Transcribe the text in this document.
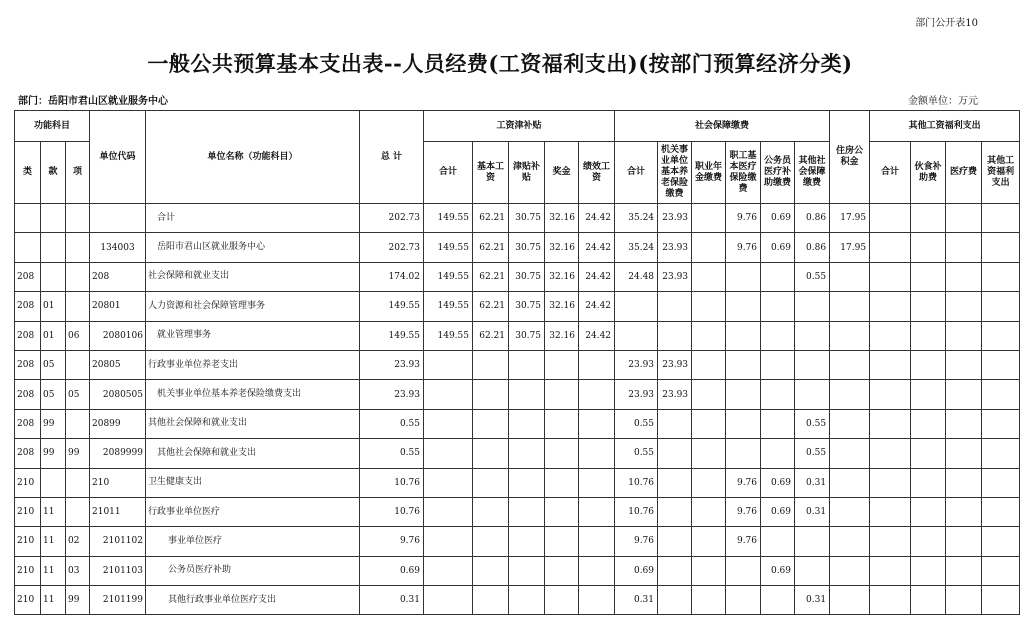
部门公开表10
一般公共预算基本支出表--人员经费(工资福利支出)(按部门预算经济分类)
部门：岳阳市君山区就业服务中心	金额单位：万元
功能科目			单位代码	单位名称（功能科目）	总 计	工资津补贴					社会保障缴费						住房公积金	其他工资福利支出			
类	款	项				合计	基本工资	津贴补贴	奖金	绩效工资	合计	机关事业单位基本养老保险缴费	职业年金缴费	职工基本医疗保险缴费	公务员医疗补助缴费	其他社会保障缴费		合计	伙食补助费	医疗费	其他工资福利支出
				合计	202.73	149.55	62.21	30.75	32.16	24.42	35.24	23.93		9.76	0.69	0.86	17.95				
			134003	岳阳市君山区就业服务中心	202.73	149.55	62.21	30.75	32.16	24.42	35.24	23.93		9.76	0.69	0.86	17.95				
208			208	社会保障和就业支出	174.02	149.55	62.21	30.75	32.16	24.42	24.48	23.93				0.55					
208	01		20801	人力资源和社会保障管理事务	149.55	149.55	62.21	30.75	32.16	24.42											
208	01	06	2080106	就业管理事务	149.55	149.55	62.21	30.75	32.16	24.42											
208	05		20805	行政事业单位养老支出	23.93						23.93	23.93									
208	05	05	2080505	机关事业单位基本养老保险缴费支出	23.93						23.93	23.93									
208	99		20899	其他社会保障和就业支出	0.55						0.55					0.55					
208	99	99	2089999	其他社会保障和就业支出	0.55						0.55					0.55					
210			210	卫生健康支出	10.76						10.76			9.76	0.69	0.31					
210	11		21011	行政事业单位医疗	10.76						10.76			9.76	0.69	0.31					
210	11	02	2101102	事业单位医疗	9.76						9.76			9.76							
210	11	03	2101103	公务员医疗补助	0.69						0.69				0.69						
210	11	99	2101199	其他行政事业单位医疗支出	0.31						0.31					0.31					
